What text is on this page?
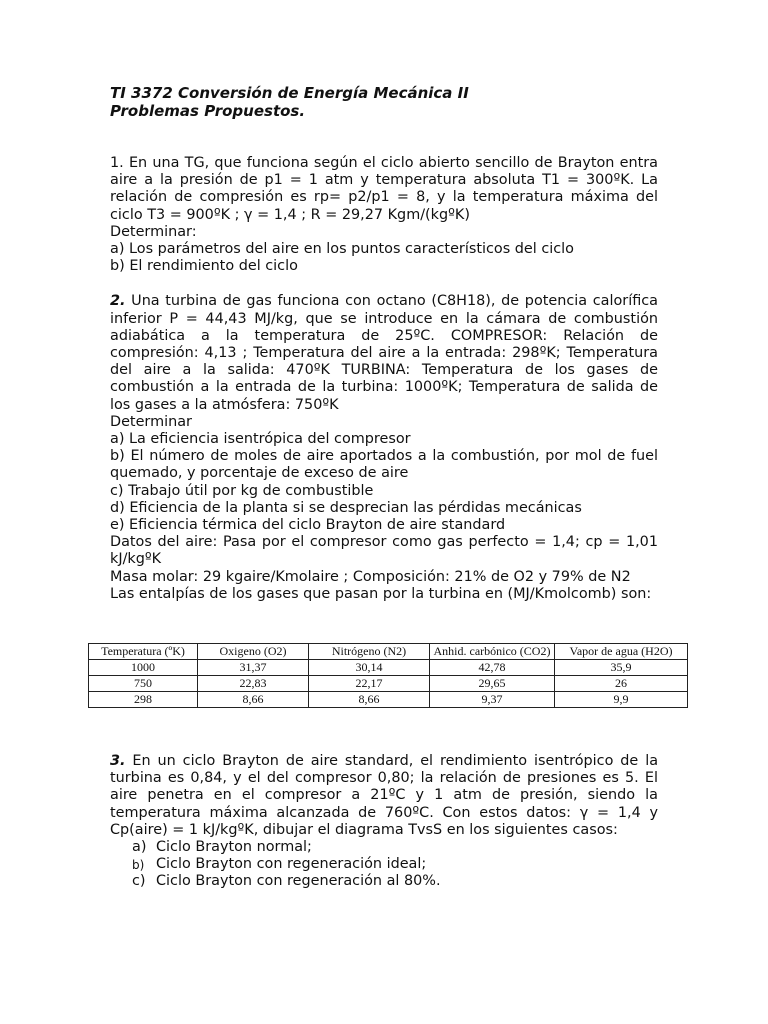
TI 3372 Conversión de Energía Mecánica II

Problemas Propuestos.

1. En una TG, que funciona según el ciclo abierto sencillo de Brayton entra aire a la presión de p1 = 1 atm y temperatura absoluta T1 = 300ºK. La relación de compresión es rp= p2/p1 = 8, y la temperatura máxima del ciclo T3 = 900ºK ; γ = 1,4 ; R = 29,27 Kgm/(kgºK)

Determinar:

a) Los parámetros del aire en los puntos característicos del ciclo

b) El rendimiento del ciclo

2. Una turbina de gas funciona con octano (C8H18), de potencia calorífica inferior P = 44,43 MJ/kg, que se introduce en la cámara de combustión adiabática a la temperatura de 25ºC. COMPRESOR: Relación de compresión: 4,13 ; Temperatura del aire a la entrada: 298ºK; Temperatura del aire a la salida: 470ºK TURBINA: Temperatura de los gases de combustión a la entrada de la turbina: 1000ºK; Temperatura de salida de los gases a la atmósfera: 750ºK

Determinar

a) La eficiencia isentrópica del compresor

b) El número de moles de aire aportados a la combustión, por mol de fuel quemado, y porcentaje de exceso de aire

c) Trabajo útil por kg de combustible

d) Eficiencia de la planta si se desprecian las pérdidas mecánicas

e) Eficiencia térmica del ciclo Brayton de aire standard

Datos del aire: Pasa por el compresor como gas perfecto = 1,4; cp = 1,01 kJ/kgºK

Masa molar: 29 kgaire/Kmolaire ; Composición: 21% de O2 y 79% de N2

Las entalpías de los gases que pasan por la turbina en (MJ/Kmolcomb) son:

Temperatura (ºK)	Oxigeno (O2)	Nitrógeno (N2)	Anhid. carbónico (CO2)	Vapor de agua (H2O)
1000	31,37	30,14	42,78	35,9
750	22,83	22,17	29,65	26
298	8,66	8,66	9,37	9,9

3. En un ciclo Brayton de aire standard, el rendimiento isentrópico de la turbina es 0,84, y el del compresor 0,80; la relación de presiones es 5. El aire penetra en el compresor a 21ºC y 1 atm de presión, siendo la temperatura máxima alcanzada de 760ºC. Con estos datos: γ = 1,4 y Cp(aire) = 1 kJ/kgºK, dibujar el diagrama TvsS en los siguientes casos:

a) Ciclo Brayton normal;

b) Ciclo Brayton con regeneración ideal;

c) Ciclo Brayton con regeneración al 80%.
